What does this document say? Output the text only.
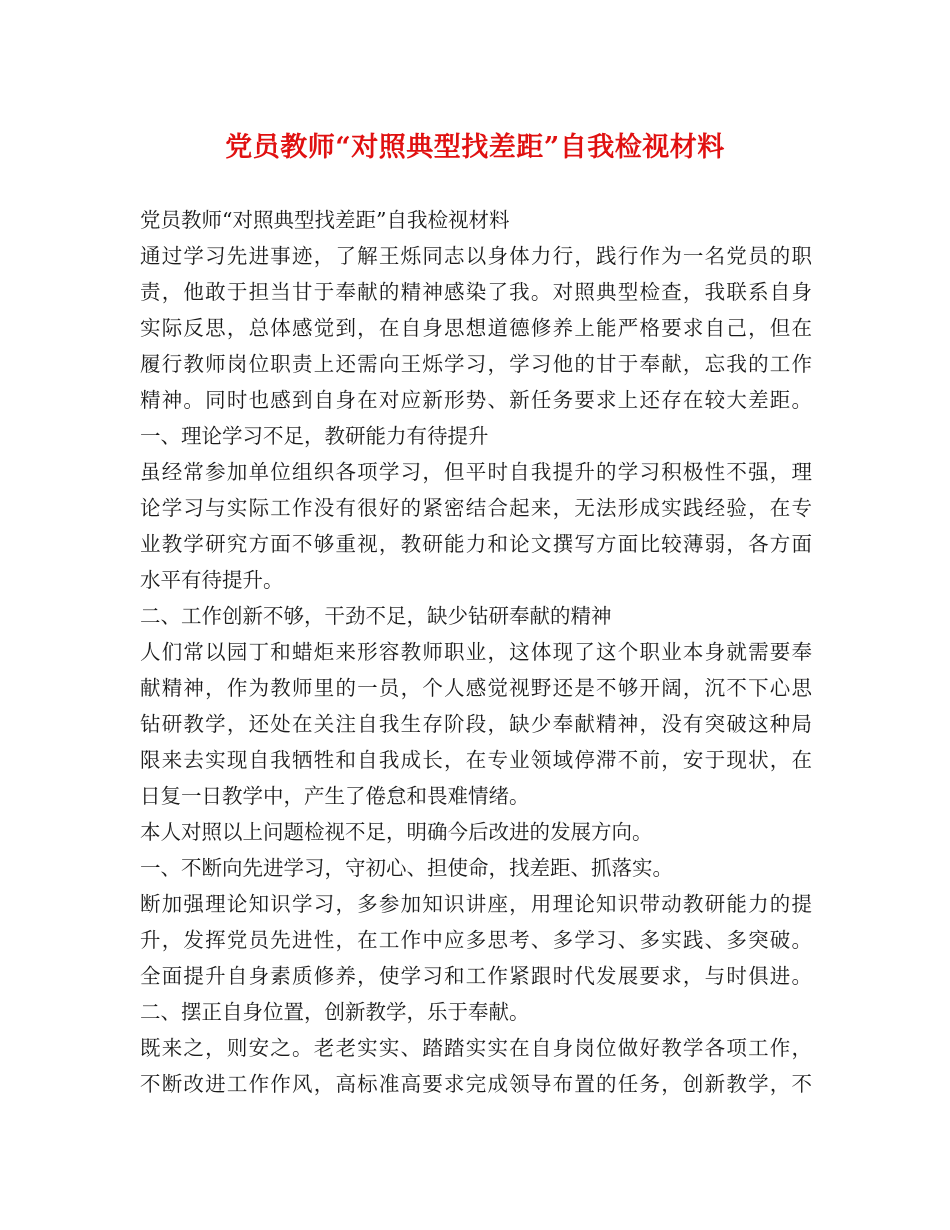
党员教师“对照典型找差距”自我检视材料
党员教师“对照典型找差距”自我检视材料
通过学习先进事迹，了解王烁同志以身体力行，践行作为一名党员的职
责，他敢于担当甘于奉献的精神感染了我。对照典型检查，我联系自身
实际反思，总体感觉到，在自身思想道德修养上能严格要求自己，但在
履行教师岗位职责上还需向王烁学习，学习他的甘于奉献，忘我的工作
精神。同时也感到自身在对应新形势、新任务要求上还存在较大差距。
一、理论学习不足，教研能力有待提升
虽经常参加单位组织各项学习，但平时自我提升的学习积极性不强，理
论学习与实际工作没有很好的紧密结合起来，无法形成实践经验，在专
业教学研究方面不够重视，教研能力和论文撰写方面比较薄弱，各方面
水平有待提升。
二、工作创新不够，干劲不足，缺少钻研奉献的精神
人们常以园丁和蜡炬来形容教师职业，这体现了这个职业本身就需要奉
献精神，作为教师里的一员，个人感觉视野还是不够开阔，沉不下心思
钻研教学，还处在关注自我生存阶段，缺少奉献精神，没有突破这种局
限来去实现自我牺牲和自我成长，在专业领域停滞不前，安于现状，在
日复一日教学中，产生了倦怠和畏难情绪。
本人对照以上问题检视不足，明确今后改进的发展方向。
一、不断向先进学习，守初心、担使命，找差距、抓落实。
断加强理论知识学习，多参加知识讲座，用理论知识带动教研能力的提
升，发挥党员先进性，在工作中应多思考、多学习、多实践、多突破。
全面提升自身素质修养，使学习和工作紧跟时代发展要求，与时俱进。
二、摆正自身位置，创新教学，乐于奉献。
既来之，则安之。老老实实、踏踏实实在自身岗位做好教学各项工作，
不断改进工作作风，高标准高要求完成领导布置的任务，创新教学，不
